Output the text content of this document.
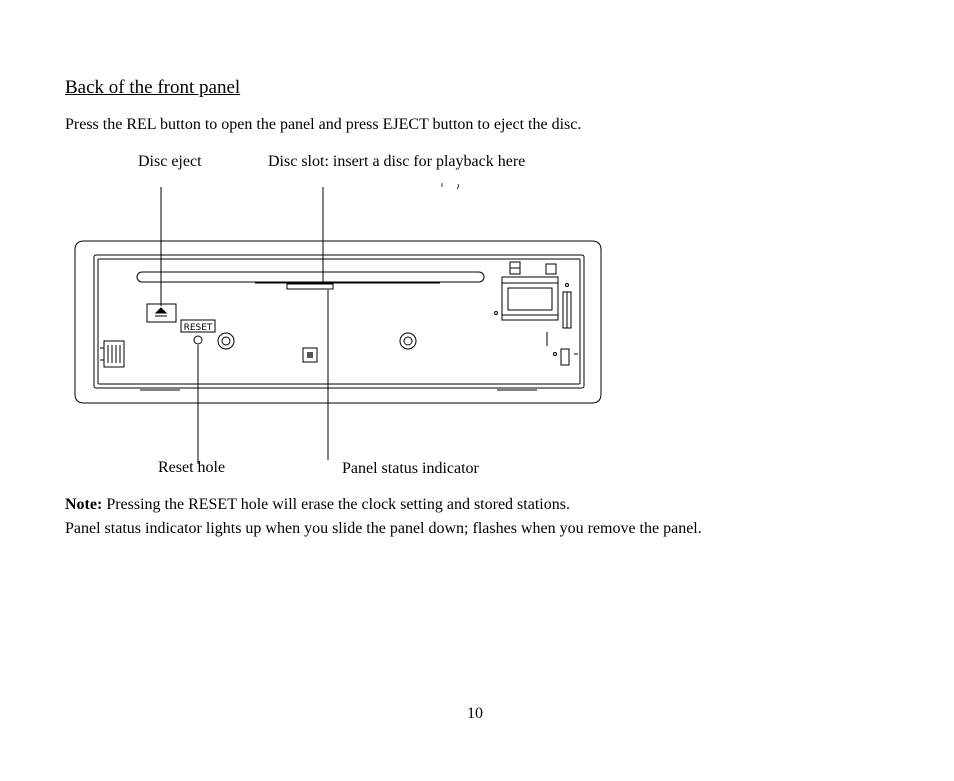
Back of the front panel
Press the REL button to open the panel and press EJECT button to eject the disc.
Disc eject	Disc slot: insert a disc for playback here
RESET
Reset hole	Panel status indicator
Note: Pressing the RESET hole will erase the clock setting and stored stations.
Panel status indicator lights up when you slide the panel down; flashes when you remove the panel.
10
